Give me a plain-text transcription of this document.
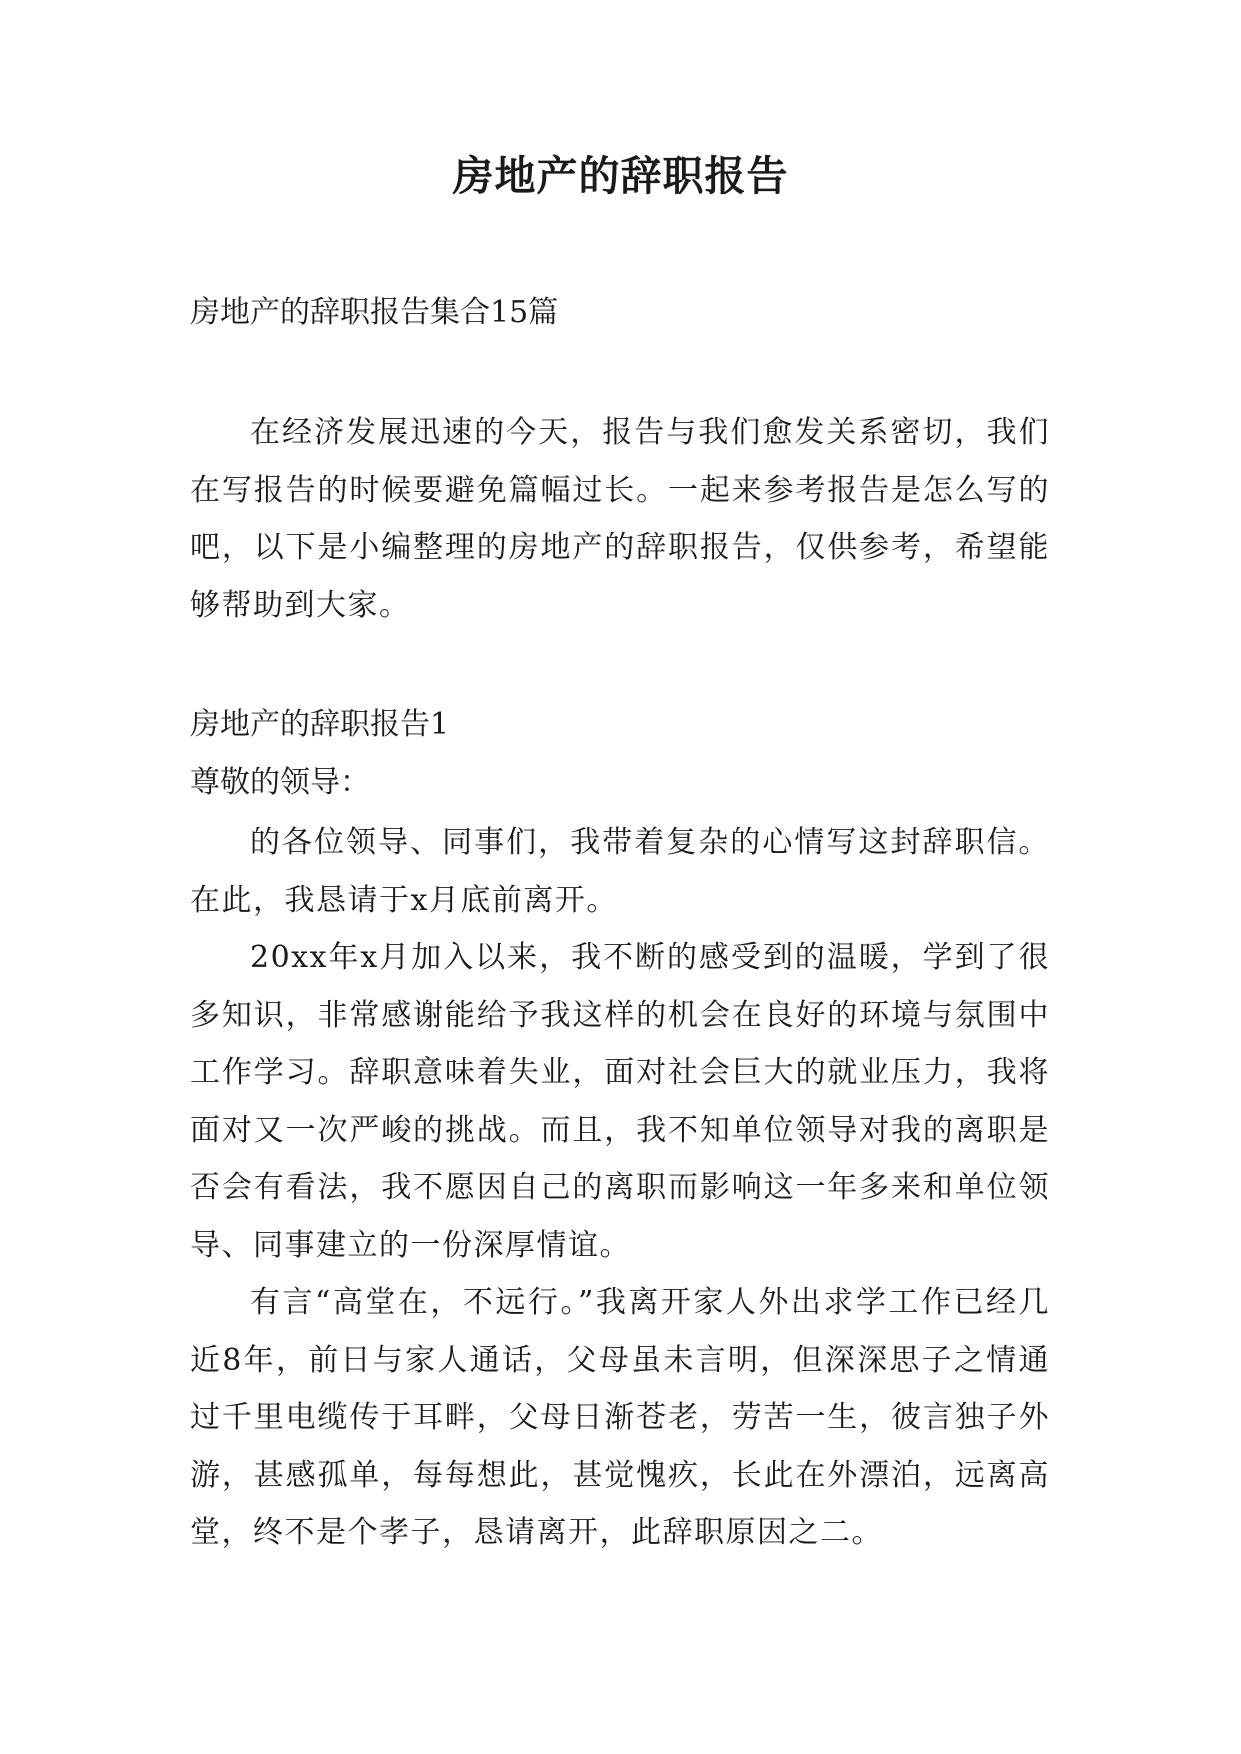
房地产的辞职报告
房地产的辞职报告集合15篇

在经济发展迅速的今天，报告与我们愈发关系密切，我们在写报告的时候要避免篇幅过长。一起来参考报告是怎么写的吧，以下是小编整理的房地产的辞职报告，仅供参考，希望能够帮助到大家。

房地产的辞职报告1
尊敬的领导：

的各位领导、同事们，我带着复杂的心情写这封辞职信。在此，我恳请于x月底前离开。

20xx年x月加入以来，我不断的感受到的温暖，学到了很多知识，非常感谢能给予我这样的机会在良好的环境与氛围中工作学习。辞职意味着失业，面对社会巨大的就业压力，我将面对又一次严峻的挑战。而且，我不知单位领导对我的离职是否会有看法，我不愿因自己的离职而影响这一年多来和单位领导、同事建立的一份深厚情谊。

有言“高堂在，不远行。”我离开家人外出求学工作已经几近8年，前日与家人通话，父母虽未言明，但深深思子之情通过千里电缆传于耳畔，父母日渐苍老，劳苦一生，彼言独子外游，甚感孤单，每每想此，甚觉愧疚，长此在外漂泊，远离高堂，终不是个孝子，恳请离开，此辞职原因之二。
